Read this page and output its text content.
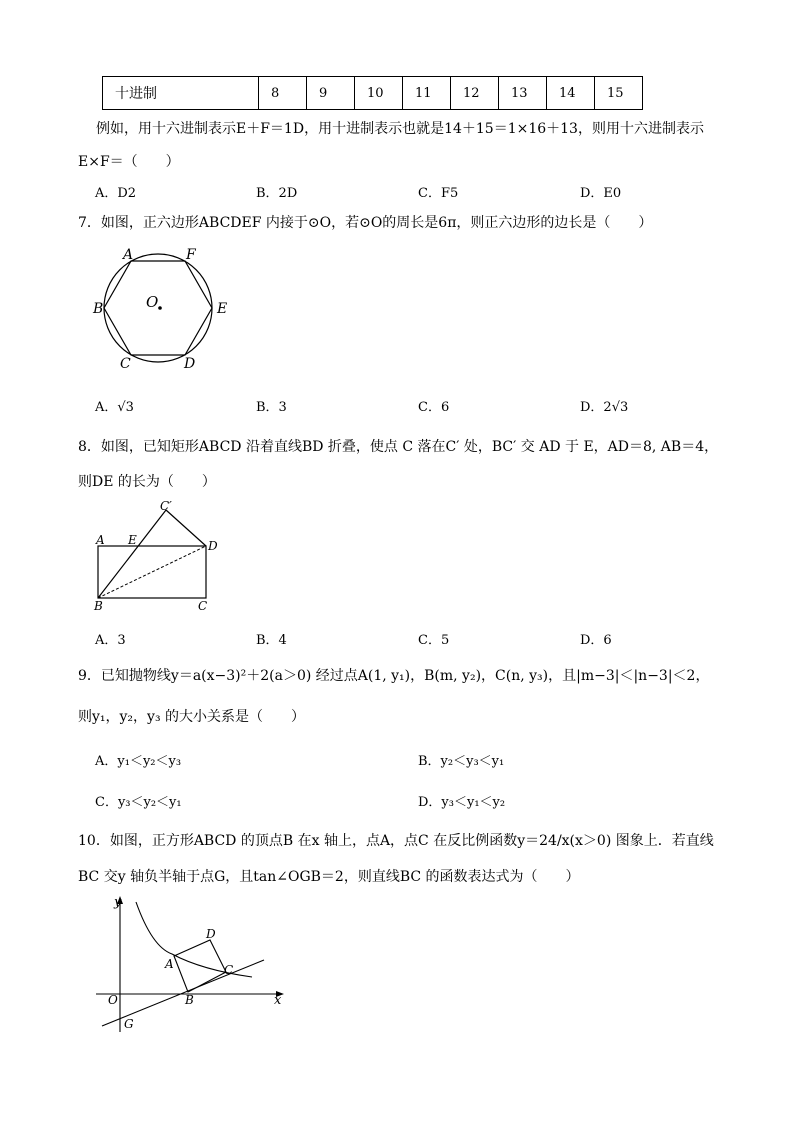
十进制	8	9	10	11	12	13	14	15
例如，用十六进制表示E＋F＝1D，用十进制表示也就是14＋15＝1×16＋13，则用十六进制表示
E×F＝（　　）
A．D2	B．2D	C．F5	D．E0
7．如图，正六边形ABCDEF 内接于⊙O，若⊙O的周长是6π，则正六边形的边长是（　　）
A	F
B	O	E
C	D
A．√3	B．3	C．6	D．2√3
8．如图，已知矩形ABCD 沿着直线BD 折叠，使点 C 落在C′ 处，BC′ 交 AD 于 E，AD＝8, AB＝4，
则DE 的长为（　　）
C′
A E	D
B	C
A．3	B．4	C．5	D．6
9．已知抛物线y＝a(x−3)²＋2(a＞0) 经过点A(1, y₁)，B(m, y₂)，C(n, y₃)，且|m−3|＜|n−3|＜2，
则y₁，y₂，y₃ 的大小关系是（　　）
A．y₁＜y₂＜y₃	B．y₂＜y₃＜y₁
C．y₃＜y₂＜y₁	D．y₃＜y₁＜y₂
10．如图，正方形ABCD 的顶点B 在x 轴上，点A，点C 在反比例函数y＝24/x(x＞0) 图象上．若直线
BC 交y 轴负半轴于点G，且tan∠OGB＝2，则直线BC 的函数表达式为（　　）
y
D
A	C
O	B	x
G
